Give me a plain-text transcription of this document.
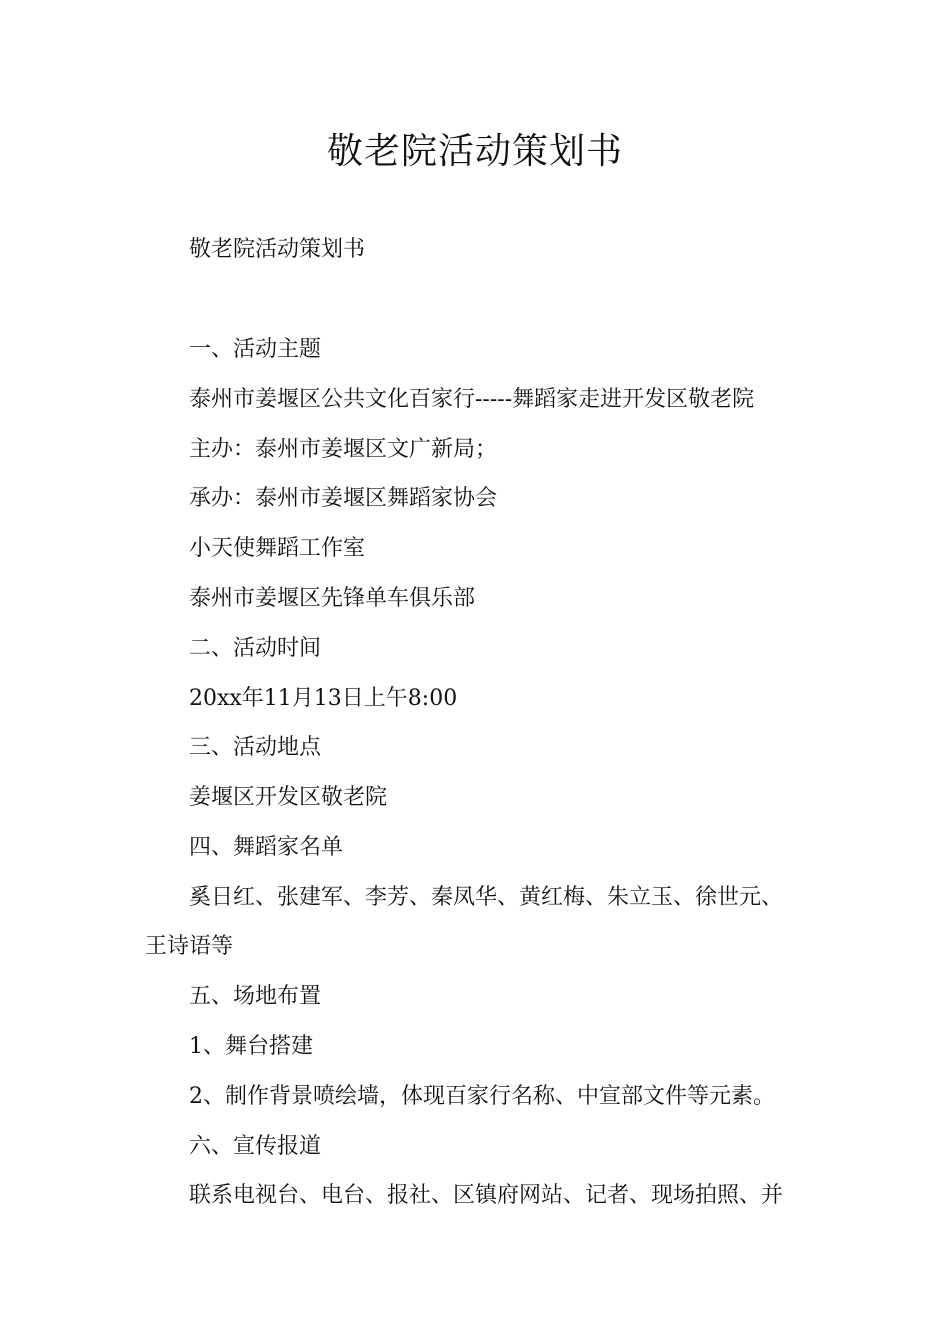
敬老院活动策划书
敬老院活动策划书
一、活动主题
泰州市姜堰区公共文化百家行-----舞蹈家走进开发区敬老院
主办：泰州市姜堰区文广新局；
承办：泰州市姜堰区舞蹈家协会
小天使舞蹈工作室
泰州市姜堰区先锋单车俱乐部
二、活动时间
20xx年11月13日上午8:00
三、活动地点
姜堰区开发区敬老院
四、舞蹈家名单
奚日红、张建军、李芳、秦凤华、黄红梅、朱立玉、徐世元、
王诗语等
五、场地布置
1、舞台搭建
2、制作背景喷绘墙，体现百家行名称、中宣部文件等元素。
六、宣传报道
联系电视台、电台、报社、区镇府网站、记者、现场拍照、并
